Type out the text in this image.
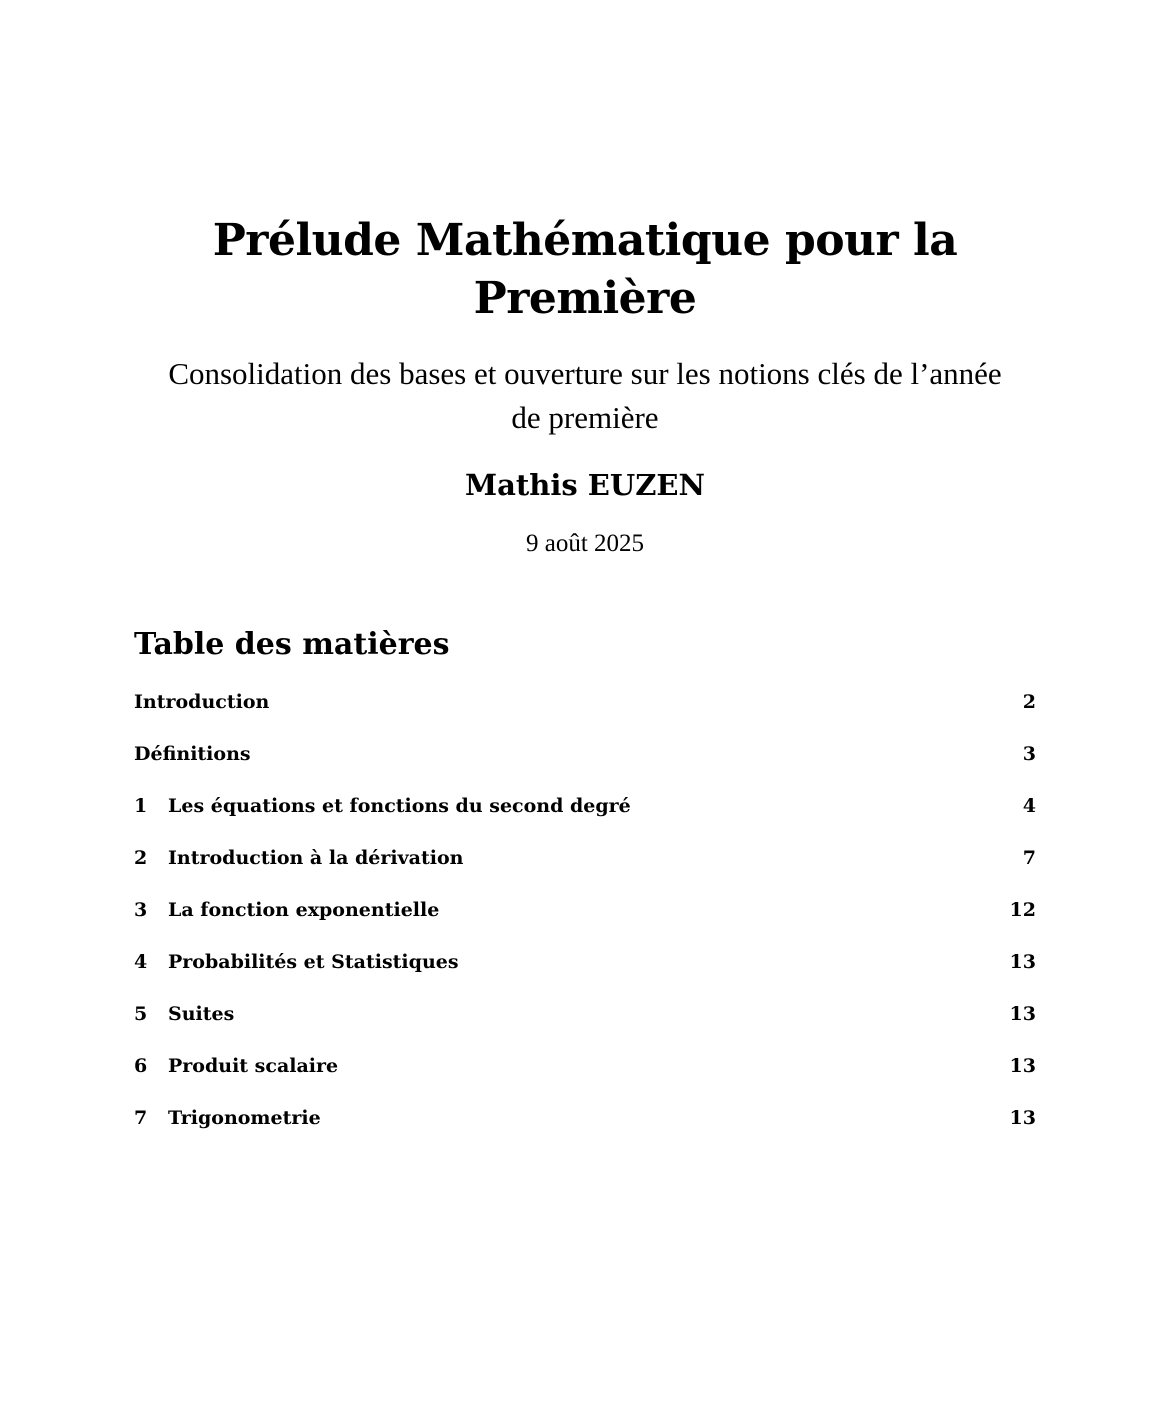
Prélude Mathématique pour la Première
Consolidation des bases et ouverture sur les notions clés de l’année de première
Mathis EUZEN
9 août 2025
Table des matières
Introduction	2
Définitions	3
1 Les équations et fonctions du second degré	4
2 Introduction à la dérivation	7
3 La fonction exponentielle	12
4 Probabilités et Statistiques	13
5 Suites	13
6 Produit scalaire	13
7 Trigonometrie	13
